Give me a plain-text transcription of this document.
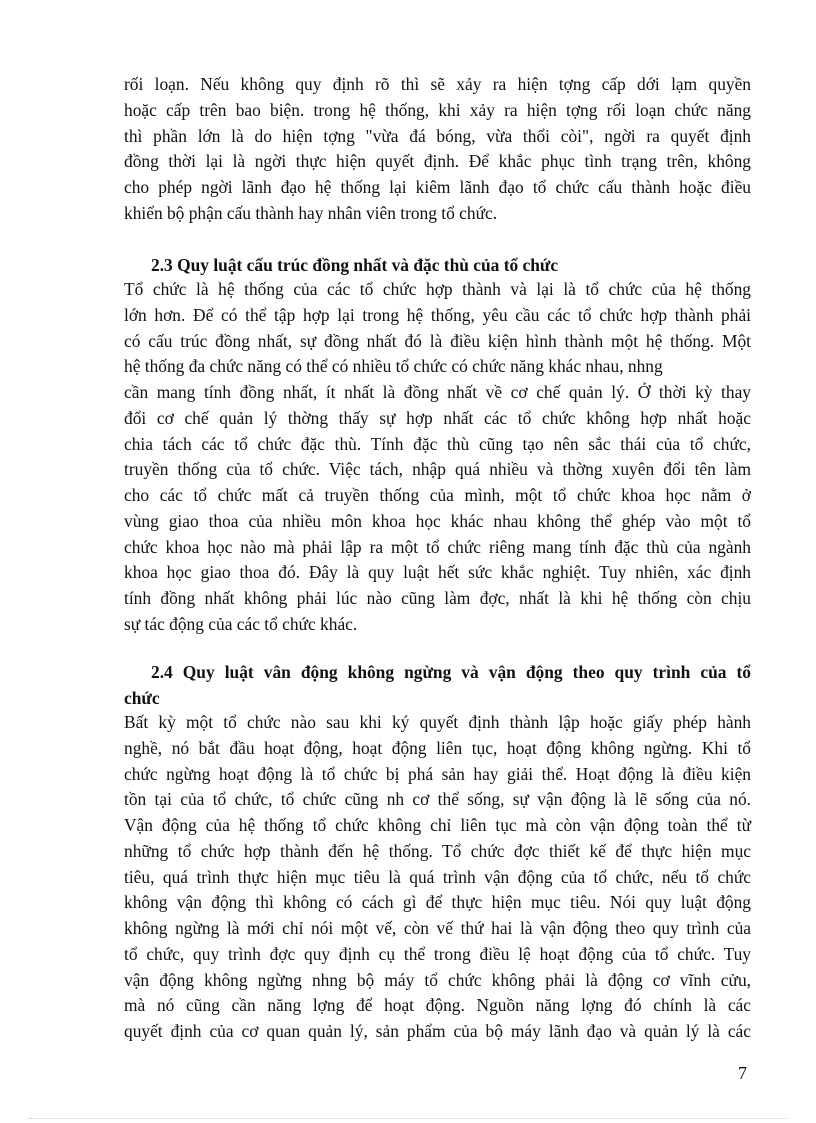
rối loạn. Nếu không quy định rõ thì sẽ xảy ra hiện tợng cấp dới lạm quyền
hoặc cấp trên bao biện. trong hệ thống, khi xảy ra hiện tợng rối loạn chức năng
thì phần lớn là do hiện tợng "vừa đá bóng, vừa thổi còi", ngời ra quyết định
đồng thời lại là ngời thực hiện quyết định. Để khắc phục tình trạng trên, không
cho phép ngời lãnh đạo hệ thống lại kiêm lãnh đạo tổ chức cấu thành hoặc điều
khiển bộ phận cấu thành hay nhân viên trong tổ chức.
2.3 Quy luật cấu trúc đồng nhất và đặc thù của tổ chức
Tổ chức là hệ thống của các tổ chức hợp thành và lại là tổ chức của hệ thống
lớn hơn. Để có thể tập hợp lại trong hệ thống, yêu cầu các tổ chức hợp thành phải
có cấu trúc đồng nhất, sự đồng nhất đó là điều kiện hình thành một hệ thống. Một
hệ thống đa chức năng có thể có nhiều tổ chức có chức năng khác nhau, nhng
cần mang tính đồng nhất, ít nhất là đồng nhất về cơ chế quản lý. Ở thời kỳ thay
đổi cơ chế quản lý thờng thấy sự hợp nhất các tổ chức không hợp nhất hoặc
chia tách các tổ chức đặc thù. Tính đặc thù cũng tạo nên sắc thái của tổ chức,
truyền thống của tổ chức. Việc tách, nhập quá nhiều và thờng xuyên đổi tên làm
cho các tổ chức mất cả truyền thống của mình, một tổ chức khoa học nằm ở
vùng giao thoa của nhiều môn khoa học khác nhau không thể ghép vào một tổ
chức khoa học nào mà phải lập ra một tổ chức riêng mang tính đặc thù của ngành
khoa học giao thoa đó. Đây là quy luật hết sức khắc nghiệt. Tuy nhiên, xác định
tính đồng nhất không phải lúc nào cũng làm đợc, nhất là khi hệ thống còn chịu
sự tác động của các tổ chức khác.
2.4 Quy luật vân động không ngừng và vận động theo quy trình của tổ
chức
Bất kỳ một tổ chức nào sau khi ký quyết định thành lập hoặc giấy phép hành
nghề, nó bắt đầu hoạt động, hoạt động liên tục, hoạt động không ngừng. Khi tổ
chức ngừng hoạt động là tổ chức bị phá sản hay giải thể. Hoạt động là điều kiện
tồn tại của tổ chức, tổ chức cũng nh cơ thể sống, sự vận động là lẽ sống của nó.
Vận động của hệ thống tổ chức không chỉ liên tục mà còn vận động toàn thể từ
những tổ chức hợp thành đến hệ thống. Tổ chức đợc thiết kế để thực hiện mục
tiêu, quá trình thực hiện mục tiêu là quá trình vận động của tổ chức, nếu tổ chức
không vận động thì không có cách gì để thực hiện mục tiêu. Nói quy luật động
không ngừng là mới chỉ nói một vế, còn vế thứ hai là vận động theo quy trình của
tổ chức, quy trình đợc quy định cụ thể trong điều lệ hoạt động của tổ chức. Tuy
vận động không ngừng nhng bộ máy tổ chức không phải là động cơ vĩnh cửu,
mà nó cũng cần năng lợng để hoạt động. Nguồn năng lợng đó chính là các
quyết định của cơ quan quản lý, sản phẩm của bộ máy lãnh đạo và quản lý là các
7
